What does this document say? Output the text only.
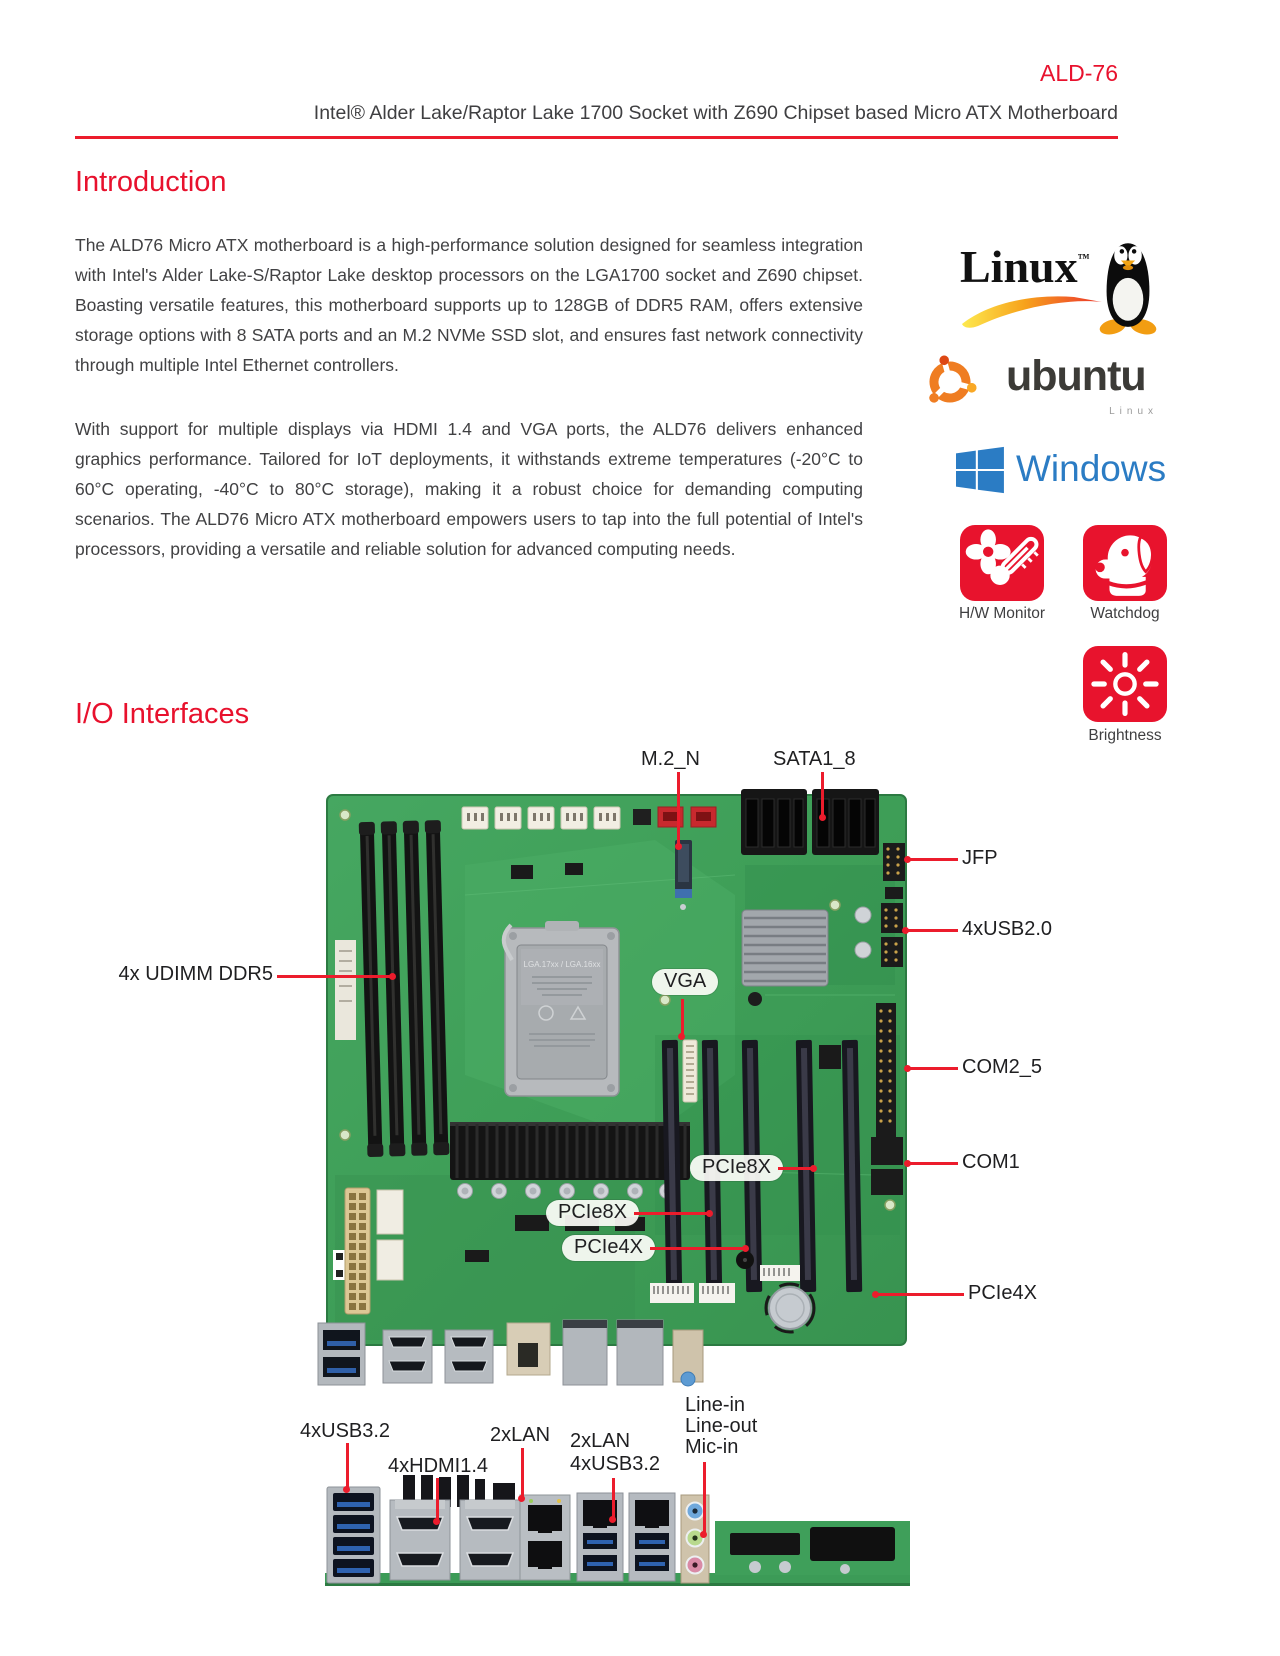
ALD-76
Intel® Alder Lake/Raptor Lake 1700 Socket with Z690 Chipset based Micro ATX Motherboard
Introduction
The ALD76 Micro ATX motherboard is a high-performance solution designed for seamless integration with Intel's Alder Lake-S/Raptor Lake desktop processors on the LGA1700 socket and Z690 chipset. Boasting versatile features, this motherboard supports up to 128GB of DDR5 RAM, offers extensive storage options with 8 SATA ports and an M.2 NVMe SSD slot, and ensures fast network connectivity through multiple Intel Ethernet controllers.
With support for multiple displays via HDMI 1.4 and VGA ports, the ALD76 delivers enhanced graphics performance. Tailored for IoT deployments, it withstands extreme temperatures (-20°C to 60°C operating, -40°C to 80°C storage), making it a robust choice for demanding computing scenarios. The ALD76 Micro ATX motherboard empowers users to tap into the full potential of Intel's processors, providing a versatile and reliable solution for advanced computing needs.
Linux™
ubuntu
Linux
Windows
H/W Monitor	Watchdog
Brightness
I/O Interfaces
LGA.17xx / LGA.16xx
M.2_N	SATA1_8
JFP
4xUSB2.0
COM2_5
COM1
PCIe4X
4x UDIMM DDR5	VGA
PCIe8X
PCIe8X
PCIe4X
4xUSB3.2
4xHDMI1.4
2xLAN 2xLAN
4xUSB3.2
Line-in
Line-out
Mic-in
